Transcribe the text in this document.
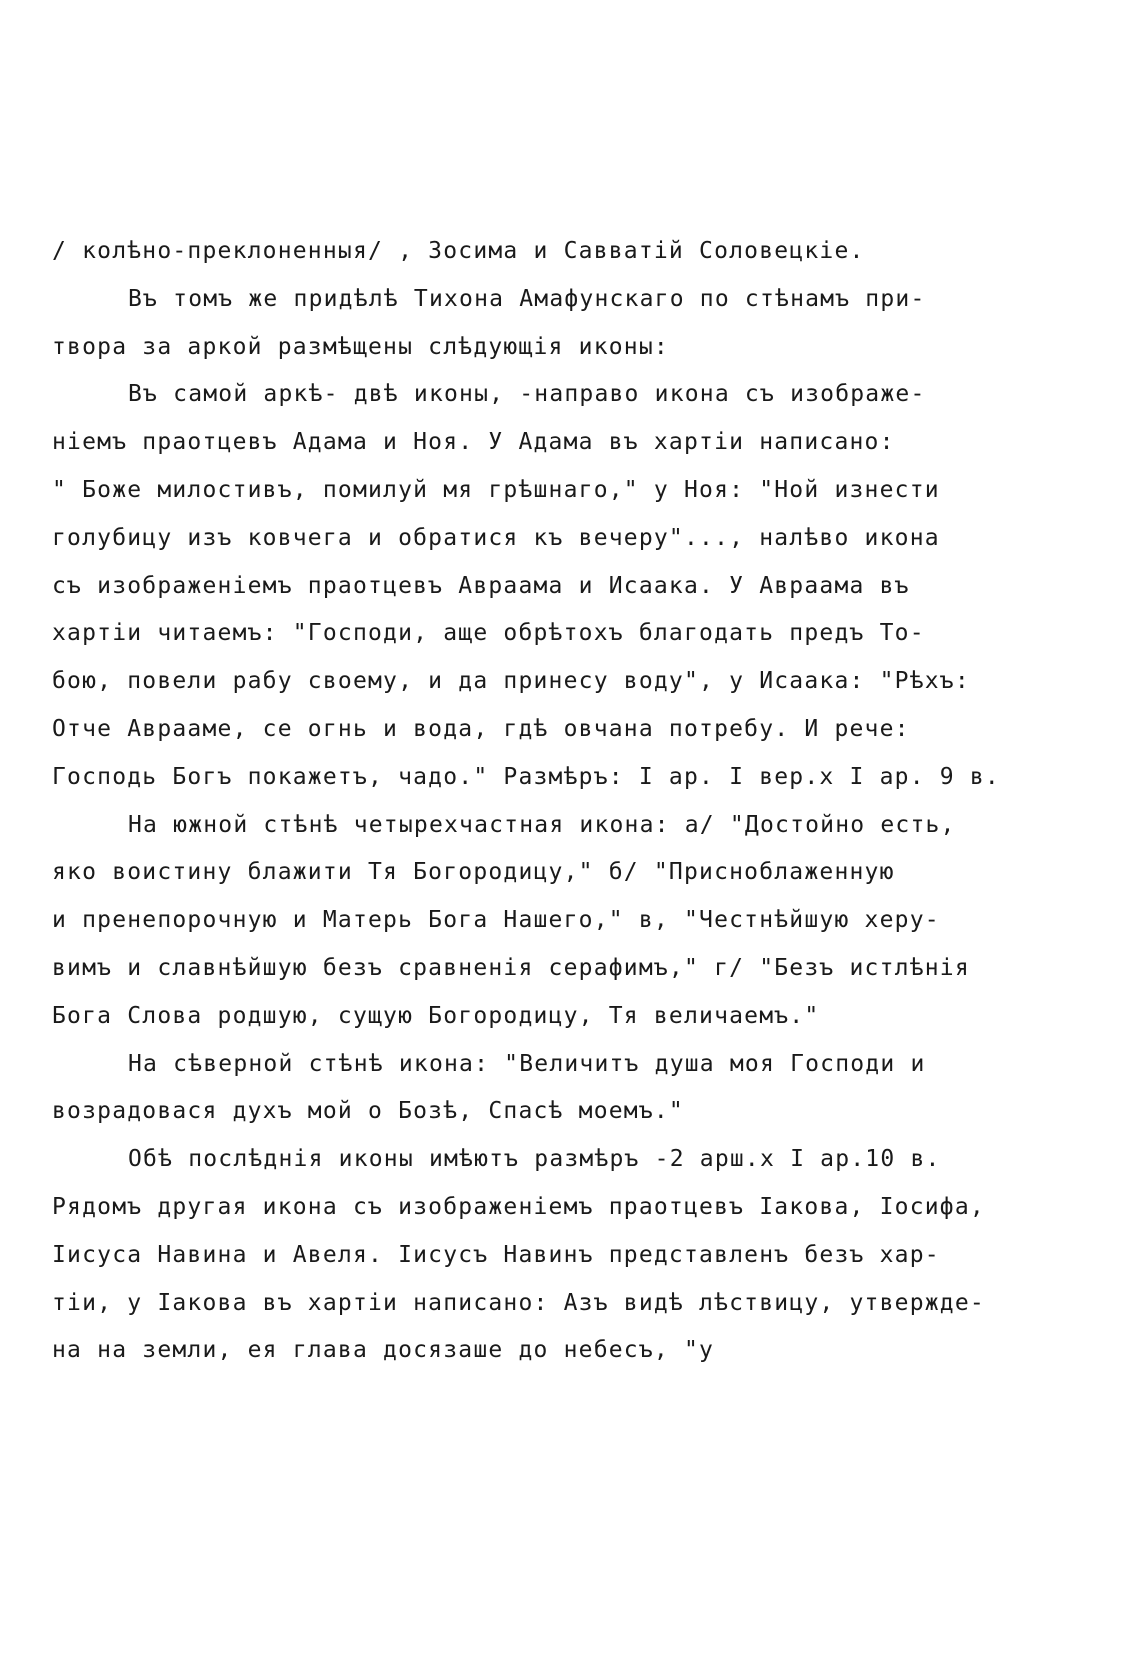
/ колѣно-преклоненныя/ , Зосима и Савватій Соловецкіе.
Въ томъ же придѣлѣ Тихона Амафунскаго по стѣнамъ при-
твора за аркой размѣщены слѣдующія иконы:
Въ самой аркѣ- двѣ иконы, -направо икона съ изображе-
ніемъ праотцевъ Адама и Ноя. У Адама въ хартіи написано:
" Боже милостивъ, помилуй мя грѣшнаго," у Ноя: "Ной изнести
голубицу изъ ковчега и обратися къ вечеру"..., налѣво икона
съ изображеніемъ праотцевъ Авраама и Исаака. У Авраама въ
хартіи читаемъ: "Господи, аще обрѣтохъ благодать предъ То-
бою, повели рабу своему, и да принесу воду", у Исаака: "Рѣхъ:
Отче Аврааме, се огнь и вода, гдѣ овчана потребу. И рече:
Господь Богъ покажетъ, чадо." Размѣръ: I ар. I вер.х I ар. 9 в.
На южной стѣнѣ четырехчастная икона: а/ "Достойно есть,
яко воистину блажити Тя Богородицу," б/ "Присноблаженную
и пренепорочную и Матерь Бога Нашего," в, "Честнѣйшую херу-
вимъ и славнѣйшую безъ сравненія серафимъ," г/ "Безъ истлѣнія
Бога Слова родшую, сущую Богородицу, Тя величаемъ."
На сѣверной стѣнѣ икона: "Величитъ душа моя Господи и
возрадовася духъ мой о Бозѣ, Спасѣ моемъ."
Обѣ послѣднія иконы имѣютъ размѣръ -2 арш.х I ар.10 в.
Рядомъ другая икона съ изображеніемъ праотцевъ Іакова, Іосифа,
Іисуса Навина и Авеля. Іисусъ Навинъ представленъ безъ хар-
тіи, у Іакова въ хартіи написано: Азъ видѣ лѣствицу, утвержде-
на на земли, ея глава досязаше до небесъ, "у
